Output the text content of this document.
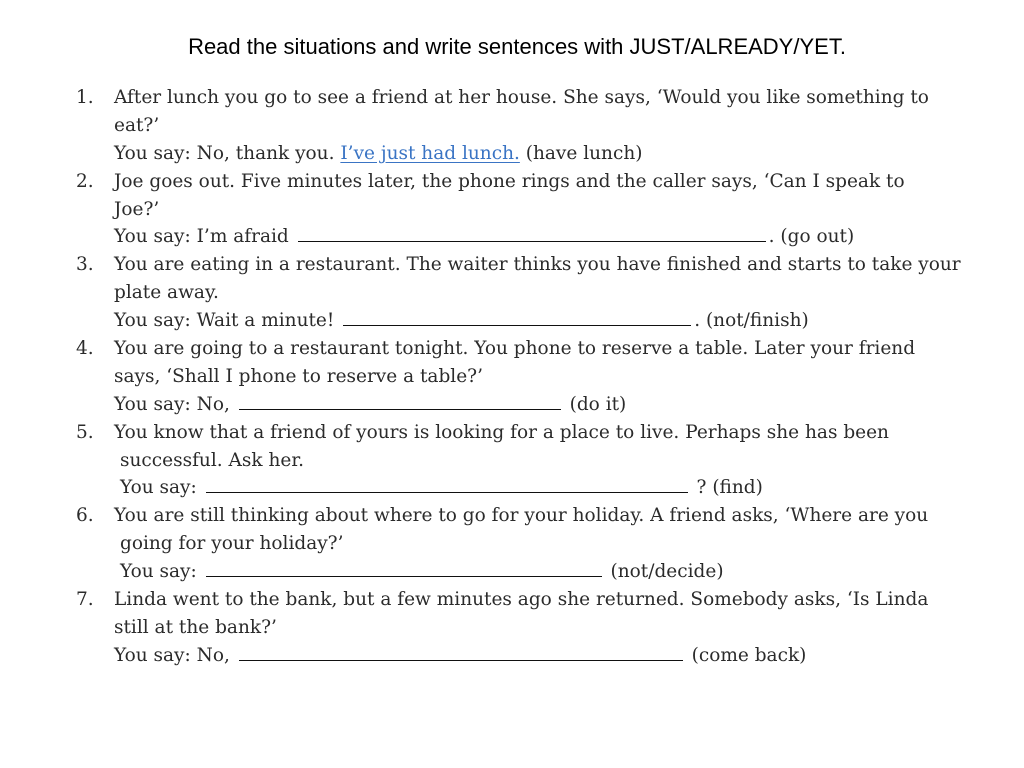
Read the situations and write sentences with JUST/ALREADY/YET.
1. After lunch you go to see a friend at her house. She says, ‘Would you like something to
eat?’
You say: No, thank you. I’ve just had lunch. (have lunch)
2. Joe goes out. Five minutes later, the phone rings and the caller says, ‘Can I speak to
Joe?’
You say: I’m afraid	. (go out)
3. You are eating in a restaurant. The waiter thinks you have finished and starts to take your
plate away.
You say: Wait a minute!	. (not/finish)
4. You are going to a restaurant tonight. You phone to reserve a table. Later your friend
says, ‘Shall I phone to reserve a table?’
You say: No,	(do it)
5. You know that a friend of yours is looking for a place to live. Perhaps she has been
successful. Ask her.
You say:	? (find)
6. You are still thinking about where to go for your holiday. A friend asks, ‘Where are you
going for your holiday?’
You say:	(not/decide)
7. Linda went to the bank, but a few minutes ago she returned. Somebody asks, ‘Is Linda
still at the bank?’
You say: No,	(come back)
